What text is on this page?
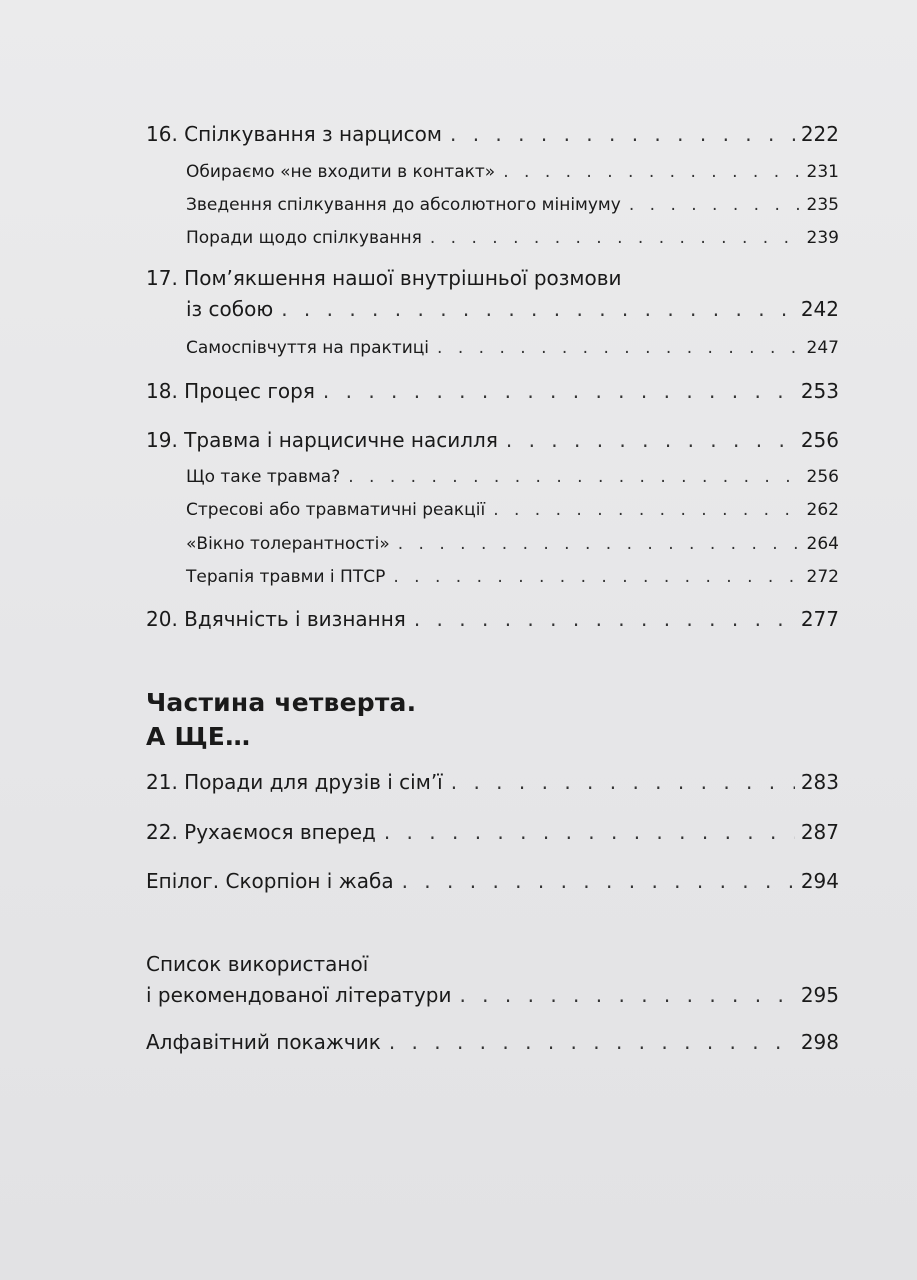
16. Спілкування з нарцисом . . .	222
Обираємо «не входити в контакт» . . .	231
Зведення спілкування до абсолютного мінімуму . . .	235
Поради щодо спілкування . . .	239
17. Пом’якшення нашої внутрішньої розмови
із собою . . .	242
Самоспівчуття на практиці . . .	247
18. Процес горя . . .	253
19. Травма і нарцисичне насилля . . .	256
Що таке травма? . . .	256
Стресові або травматичні реакції . . .	262
«Вікно толерантності» . . .	264
Терапія травми і ПТСР . . .	272
20. Вдячність і визнання . . .	277
Частина четверта.
А ЩЕ…
21. Поради для друзів і сім’ї . . .	283
22. Рухаємося вперед . . .	287
Епілог. Скорпіон і жаба . . .	294
Список використаної
і рекомендованої літератури . . .	295
Алфавітний покажчик . . .	298
